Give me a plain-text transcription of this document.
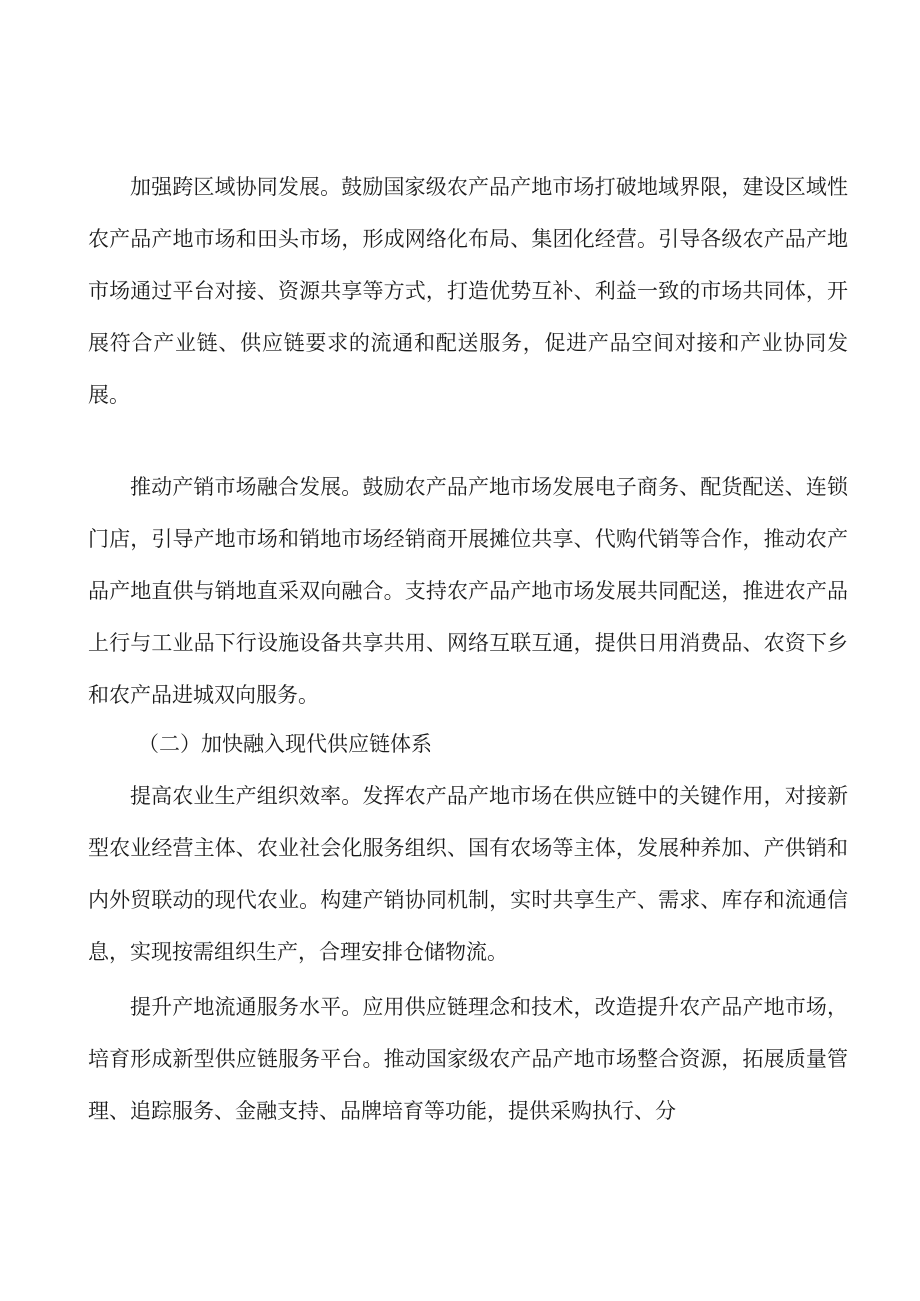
加强跨区域协同发展。鼓励国家级农产品产地市场打破地域界限，建设区域性农产品产地市场和田头市场，形成网络化布局、集团化经营。引导各级农产品产地市场通过平台对接、资源共享等方式，打造优势互补、利益一致的市场共同体，开展符合产业链、供应链要求的流通和配送服务，促进产品空间对接和产业协同发展。

推动产销市场融合发展。鼓励农产品产地市场发展电子商务、配货配送、连锁门店，引导产地市场和销地市场经销商开展摊位共享、代购代销等合作，推动农产品产地直供与销地直采双向融合。支持农产品产地市场发展共同配送，推进农产品上行与工业品下行设施设备共享共用、网络互联互通，提供日用消费品、农资下乡和农产品进城双向服务。

（二）加快融入现代供应链体系

提高农业生产组织效率。发挥农产品产地市场在供应链中的关键作用，对接新型农业经营主体、农业社会化服务组织、国有农场等主体，发展种养加、产供销和内外贸联动的现代农业。构建产销协同机制，实时共享生产、需求、库存和流通信息，实现按需组织生产，合理安排仓储物流。

提升产地流通服务水平。应用供应链理念和技术，改造提升农产品产地市场，培育形成新型供应链服务平台。推动国家级农产品产地市场整合资源，拓展质量管理、追踪服务、金融支持、品牌培育等功能，提供采购执行、分
